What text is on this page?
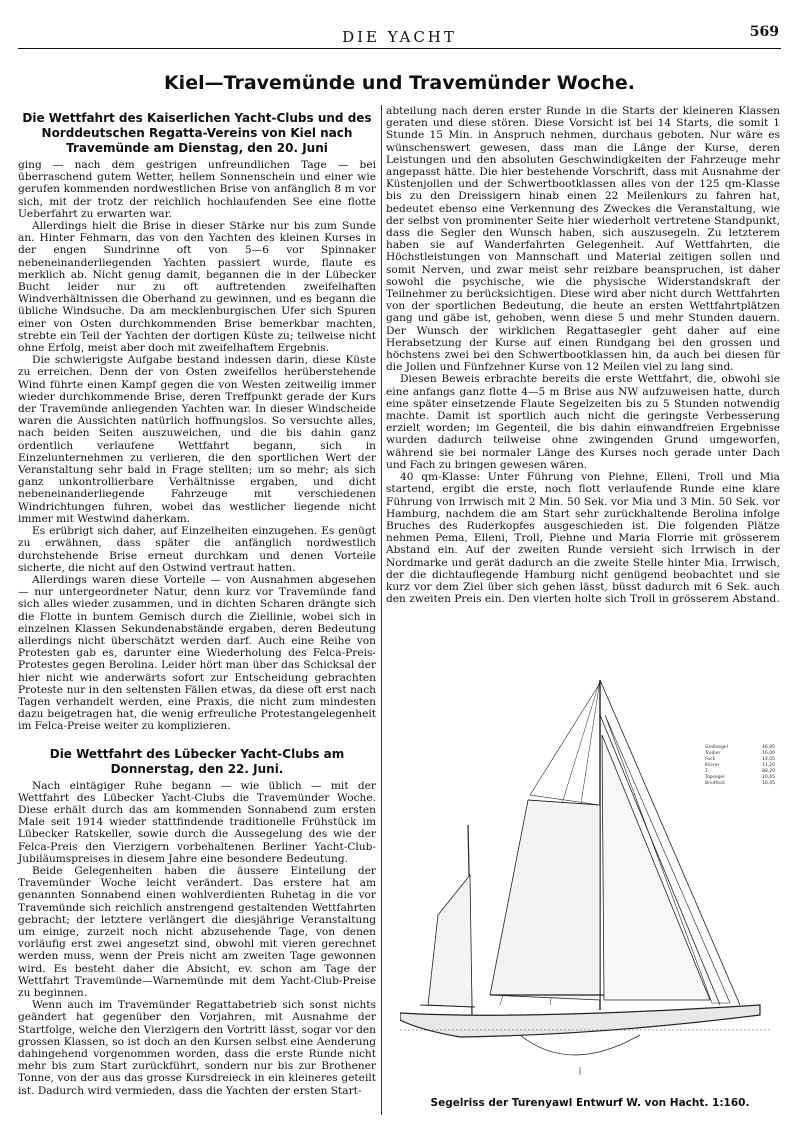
DIE YACHT	569
Kiel—Travemünde und Travemünder Woche.
Die Wettfahrt des Kaiserlichen Yacht-Clubs und des Norddeutschen Regatta-Vereins von Kiel nach Travemünde am Dienstag, den 20. Juni

ging — nach dem gestrigen unfreundlichen Tage — bei überraschend gutem Wetter, hellem Sonnenschein und einer wie gerufen kommenden nordwestlichen Brise von anfänglich 8 m vor sich, mit der trotz der reichlich hochlaufenden See eine flotte Ueberfahrt zu erwarten war.

Allerdings hielt die Brise in dieser Stärke nur bis zum Sunde an. Hinter Fehmarn, das von den Yachten des kleinen Kurses in der engen Sundrinne oft von 5—6 vor Spinnaker nebeneinanderliegenden Yachten passiert wurde, flaute es merklich ab. Nicht genug damit, begannen die in der Lübecker Bucht leider nur zu oft auftretenden zweifelhaften Windverhältnissen die Oberhand zu gewinnen, und es begann die übliche Windsuche. Da am mecklenburgischen Ufer sich Spuren einer von Osten durchkommenden Brise bemerkbar machten, strebte ein Teil der Yachten der dortigen Küste zu; teilweise nicht ohne Erfolg, meist aber doch mit zweifelhaftem Ergebnis.

Die schwierigste Aufgabe bestand indessen darin, diese Küste zu erreichen. Denn der von Osten zweifellos herüberstehende Wind führte einen Kampf gegen die von Westen zeitweilig immer wieder durchkommende Brise, deren Treffpunkt gerade der Kurs der Travemünde anliegenden Yachten war. In dieser Windscheide waren die Aussichten natürlich hoffnungslos. So versuchte alles, nach beiden Seiten auszuweichen, und die bis dahin ganz ordentlich verlaufene Wettfahrt begann, sich in Einzelunternehmen zu verlieren, die den sportlichen Wert der Veranstaltung sehr bald in Frage stellten; um so mehr; als sich ganz unkontrollierbare Verhältnisse ergaben, und dicht nebeneinanderliegende Fahrzeuge mit verschiedenen Windrichtungen fuhren, wobei das westlicher liegende nicht immer mit Westwind daherkam.

Es erübrigt sich daher, auf Einzelheiten einzugehen. Es genügt zu erwähnen, dass später die anfänglich nordwestlich durchstehende Brise erneut durchkam und denen Vorteile sicherte, die nicht auf den Ostwind vertraut hatten.

Allerdings waren diese Vorteile — von Ausnahmen abgesehen — nur untergeordneter Natur, denn kurz vor Travemünde fand sich alles wieder zusammen, und in dichten Scharen drängte sich die Flotte in buntem Gemisch durch die Ziellinie, wobei sich in einzelnen Klassen Sekundenabstände ergaben, deren Bedeutung allerdings nicht überschätzt werden darf. Auch eine Reihe von Protesten gab es, darunter eine Wiederholung des Felca-Preis-Protestes gegen Berolina. Leider hört man über das Schicksal der hier nicht wie anderwärts sofort zur Entscheidung gebrachten Proteste nur in den seltensten Fällen etwas, da diese oft erst nach Tagen verhandelt werden, eine Praxis, die nicht zum mindesten dazu beigetragen hat, die wenig erfreuliche Protestangelegenheit im Felca-Preise weiter zu komplizieren.

Die Wettfahrt des Lübecker Yacht-Clubs am Donnerstag, den 22. Juni.

Nach eintägiger Ruhe begann — wie üblich — mit der Wettfahrt des Lübecker Yacht-Clubs die Travemünder Woche. Diese erhält durch das am kommenden Sonnabend zum ersten Male seit 1914 wieder stattfindende traditionelle Frühstück im Lübecker Ratskeller, sowie durch die Aussegelung des wie der Felca-Preis den Vierzigern vorbehaltenen Berliner Yacht-Club-Jubiläumspreises in diesem Jahre eine besondere Bedeutung.

Beide Gelegenheiten haben die äussere Einteilung der Travemünder Woche leicht verändert. Das erstere hat am genannten Sonnabend einen wohlverdienten Ruhetag in die vor Travemünde sich reichlich anstrengend gestaltenden Wettfahrten gebracht; der letztere verlängert die diesjährige Veranstaltung um einige, zurzeit noch nicht abzusehende Tage, von denen vorläufig erst zwei angesetzt sind, obwohl mit vieren gerechnet werden muss, wenn der Preis nicht am zweiten Tage gewonnen wird. Es besteht daher die Absicht, ev. schon am Tage der Wettfahrt Travemünde—Warnemünde mit dem Yacht-Club-Preise zu beginnen.

Wenn auch im Travemünder Regattabetrieb sich sonst nichts geändert hat gegenüber den Vorjahren, mit Ausnahme der Startfolge, welche den Vierzigern den Vortritt lässt, sogar vor den grossen Klassen, so ist doch an den Kursen selbst eine Aenderung dahingehend vorgenommen worden, dass die erste Runde nicht mehr bis zum Start zurückführt, sondern nur bis zur Brothener Tonne, von der aus das grosse Kursdreieck in ein kleineres geteilt ist. Dadurch wird vermieden, dass die Yachten der ersten Start-

abteilung nach deren erster Runde in die Starts der kleineren Klassen geraten und diese stören. Diese Vorsicht ist bei 14 Starts, die somit 1 Stunde 15 Min. in Anspruch nehmen, durchaus geboten. Nur wäre es wünschenswert gewesen, dass man die Länge der Kurse, deren Leistungen und den absoluten Geschwindigkeiten der Fahrzeuge mehr angepasst hätte. Die hier bestehende Vorschrift, dass mit Ausnahme der Küstenjollen und der Schwertbootklassen alles von der 125 qm-Klasse bis zu den Dreissigern hinab einen 22 Meilenkurs zu fahren hat, bedeutet ebenso eine Verkennung des Zweckes die Veranstaltung, wie der selbst von prominenter Seite hier wiederholt vertretene Standpunkt, dass die Segler den Wunsch haben, sich auszusegeln. Zu letzterem haben sie auf Wanderfahrten Gelegenheit. Auf Wettfahrten, die Höchstleistungen von Mannschaft und Material zeitigen sollen und somit Nerven, und zwar meist sehr reizbare beanspruchen, ist daher sowohl die psychische, wie die physische Widerstandskraft der Teilnehmer zu berücksichtigen. Diese wird aber nicht durch Wettfahrten von der sportlichen Bedeutung, die heute an ersten Wettfahrtplätzen gang und gäbe ist, gehoben, wenn diese 5 und mehr Stunden dauern. Der Wunsch der wirklichen Regattasegler geht daher auf eine Herabsetzung der Kurse auf einen Rundgang bei den grossen und höchstens zwei bei den Schwertbootklassen hin, da auch bei diesen für die Jollen und Fünfzehner Kurse von 12 Meilen viel zu lang sind.

Diesen Beweis erbrachte bereits die erste Wettfahrt, die, obwohl sie eine anfangs ganz flotte 4—5 m Brise aus NW aufzuweisen hatte, durch eine später einsetzende Flaute Segelzeiten bis zu 5 Stunden notwendig machte. Damit ist sportlich auch nicht die geringste Verbesserung erzielt worden; im Gegenteil, die bis dahin einwandfreien Ergebnisse wurden dadurch teilweise ohne zwingenden Grund umgeworfen, während sie bei normaler Länge des Kurses noch gerade unter Dach und Fach zu bringen gewesen wären.

40 qm-Klasse: Unter Führung von Piehne, Elleni, Troll und Mia startend, ergibt die erste, noch flott verlaufende Runde eine klare Führung von Irrwisch mit 2 Min. 50 Sek. vor Mia und 3 Min. 50 Sek. vor Hamburg, nachdem die am Start sehr zurückhaltende Berolina infolge Bruches des Ruderkopfes ausgeschieden ist. Die folgenden Plätze nehmen Pema, Elleni, Troll, Piehne und Maria Florrie mit grösserem Abstand ein. Auf der zweiten Runde versieht sich Irrwisch in der Nordmarke und gerät dadurch an die zweite Stelle hinter Mia. Irrwisch, der die dichtauflegende Hamburg nicht genügend beobachtet und sie kurz vor dem Ziel über sich gehen lässt, büsst dadurch mit 6 Sek. auch den zweiten Preis ein. Den vierten holte sich Troll in grösserem Abstand.

Großsegel	46,95
Treiber	16,00
Fock	14,05
Klüver	11,20
Σ	88,20
Topsegel	10,65
Breitfock	16,45
Segelriss der Turenyawl Entwurf W. von Hacht. 1:160.
